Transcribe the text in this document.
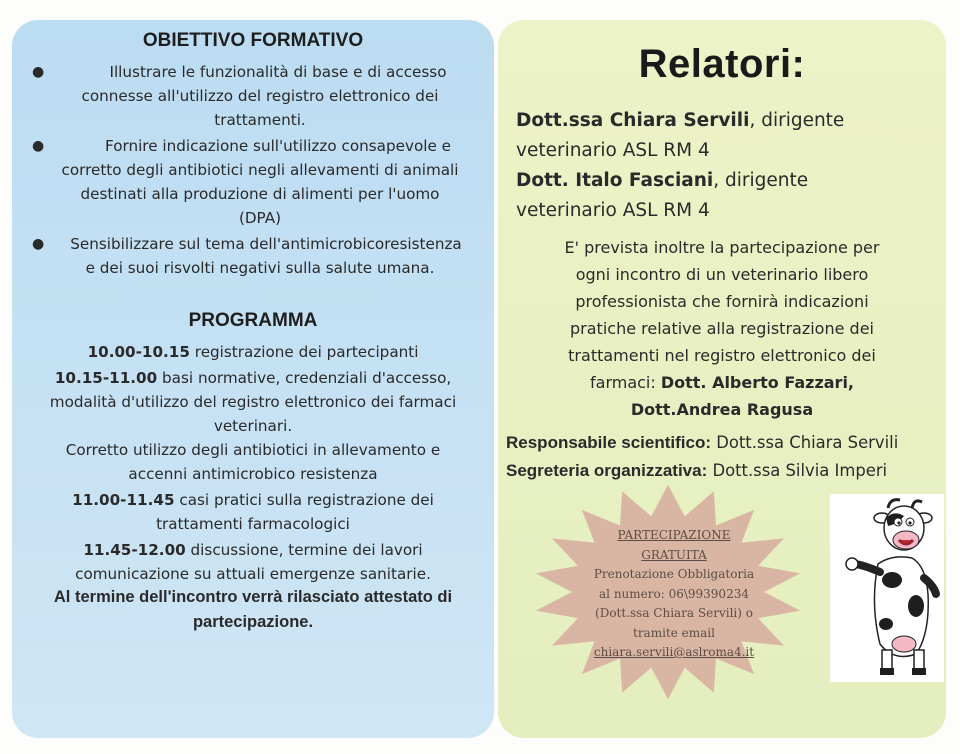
OBIETTIVO FORMATIVO
●	Illustrare le funzionalità di base e di accesso
connesse all'utilizzo del registro elettronico dei
trattamenti.
●	Fornire indicazione sull'utilizzo consapevole e
corretto degli antibiotici negli allevamenti di animali
destinati alla produzione di alimenti per l'uomo
(DPA)
●	Sensibilizzare sul tema dell'antimicrobicoresistenza
e dei suoi risvolti negativi sulla salute umana.
PROGRAMMA
10.00-10.15 registrazione dei partecipanti
10.15-11.00 basi normative, credenziali d'accesso,
modalità d'utilizzo del registro elettronico dei farmaci
veterinari.
Corretto utilizzo degli antibiotici in allevamento e
accenni antimicrobico resistenza
11.00-11.45 casi pratici sulla registrazione dei
trattamenti farmacologici
11.45-12.00 discussione, termine dei lavori
comunicazione su attuali emergenze sanitarie.
Al termine dell'incontro verrà rilasciato attestato di
partecipazione.
Relatori:
Dott.ssa Chiara Servili, dirigente
veterinario ASL RM 4
Dott. Italo Fasciani, dirigente
veterinario ASL RM 4
E' prevista inoltre la partecipazione per
ogni incontro di un veterinario libero
professionista che fornirà indicazioni
pratiche relative alla registrazione dei
trattamenti nel registro elettronico dei
farmaci: Dott. Alberto Fazzari,
Dott.Andrea Ragusa
Responsabile scientifico: Dott.ssa Chiara Servili
Segreteria organizzativa: Dott.ssa Silvia Imperi
PARTECIPAZIONE
GRATUITA
Prenotazione Obbligatoria
al numero: 06\99390234
(Dott.ssa Chiara Servili) o
tramite email
chiara.servili@aslroma4.it
